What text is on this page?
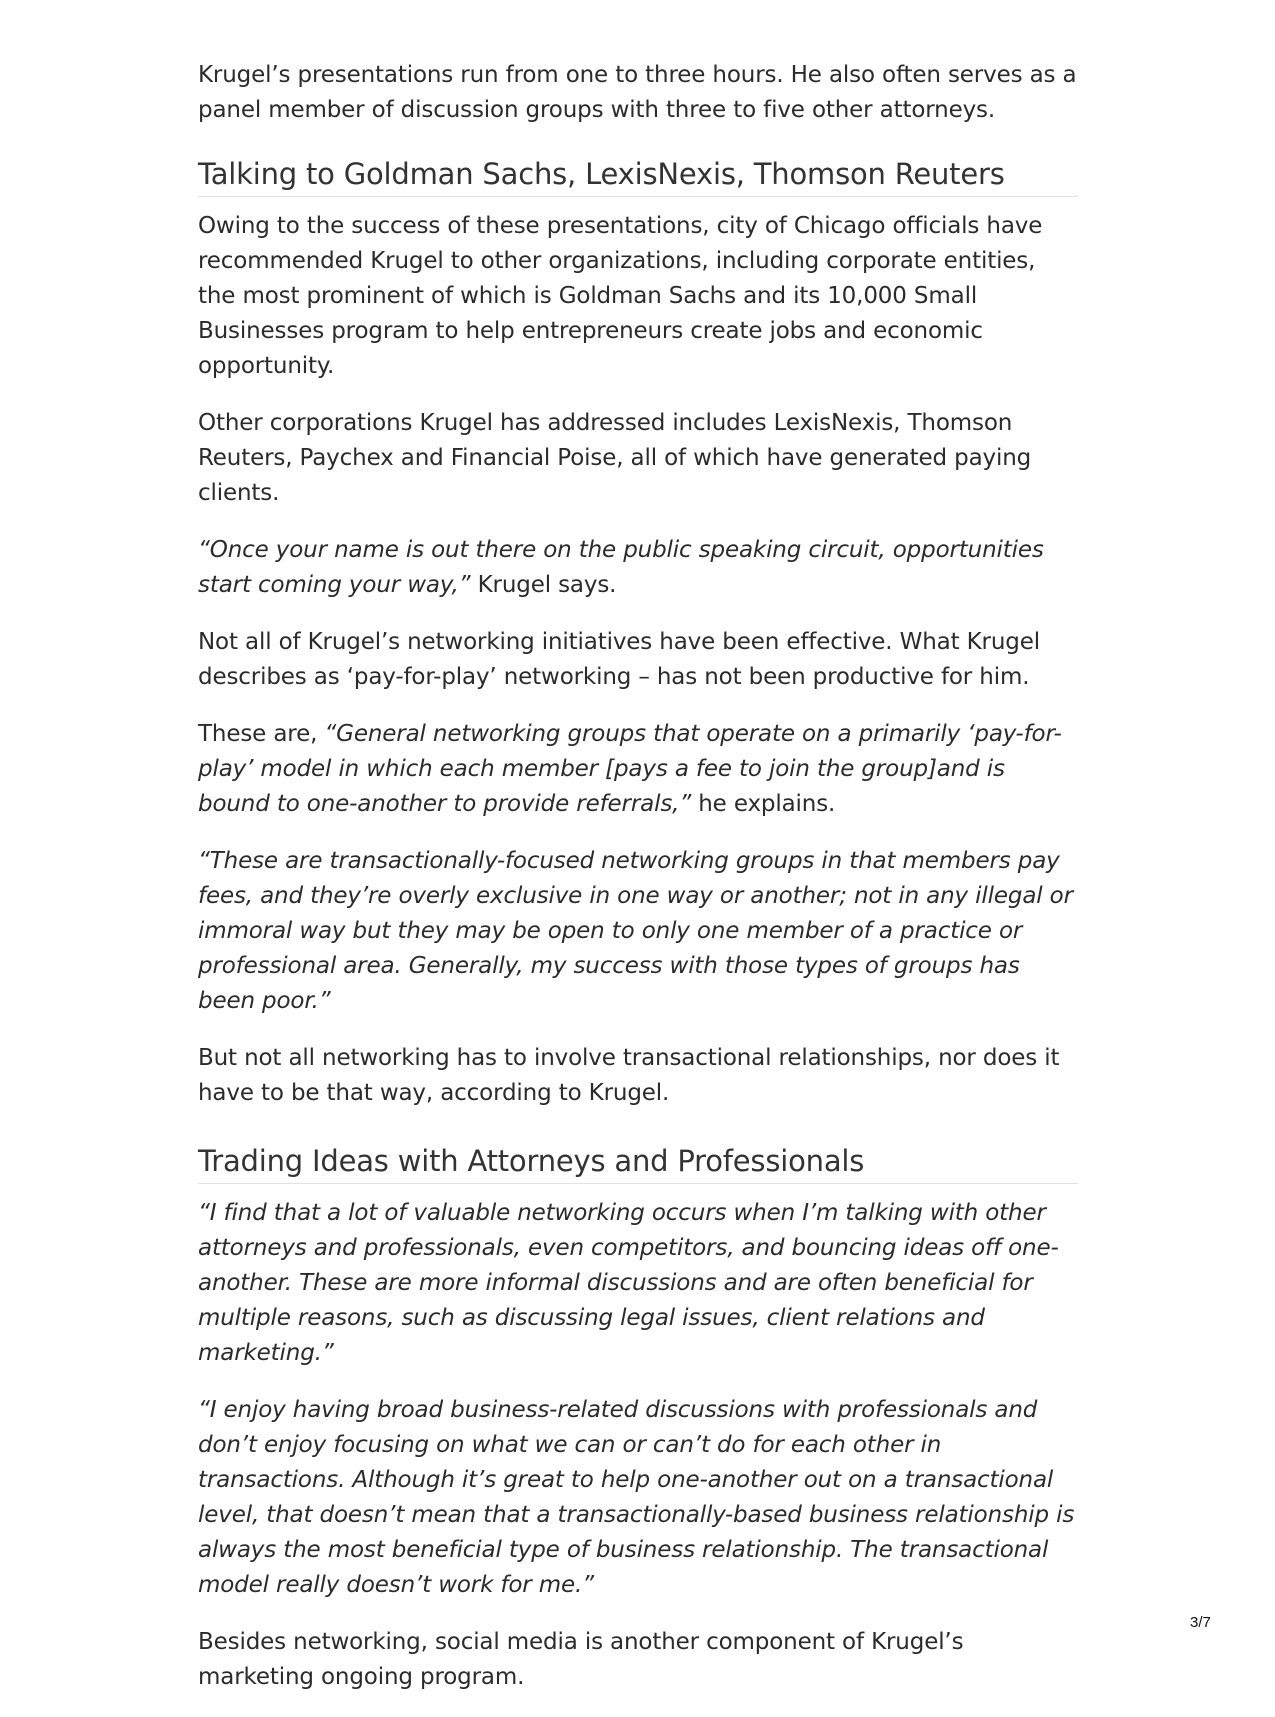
Krugel’s presentations run from one to three hours. He also often serves as a panel member of discussion groups with three to five other attorneys.

Talking to Goldman Sachs, LexisNexis, Thomson Reuters

Owing to the success of these presentations, city of Chicago officials have recommended Krugel to other organizations, including corporate entities, the most prominent of which is Goldman Sachs and its 10,000 Small Businesses program to help entrepreneurs create jobs and economic opportunity.

Other corporations Krugel has addressed includes LexisNexis, Thomson Reuters, Paychex and Financial Poise, all of which have generated paying clients.

“Once your name is out there on the public speaking circuit, opportunities start coming your way,” Krugel says.

Not all of Krugel’s networking initiatives have been effective. What Krugel describes as ‘pay-for-play’ networking – has not been productive for him.

These are, “General networking groups that operate on a primarily ‘pay-for-play’ model in which each member [pays a fee to join the group]and is bound to one-another to provide referrals,” he explains.

“These are transactionally-focused networking groups in that members pay fees, and they’re overly exclusive in one way or another; not in any illegal or immoral way but they may be open to only one member of a practice or professional area. Generally, my success with those types of groups has been poor.”

But not all networking has to involve transactional relationships, nor does it have to be that way, according to Krugel.

Trading Ideas with Attorneys and Professionals

“I find that a lot of valuable networking occurs when I’m talking with other attorneys and professionals, even competitors, and bouncing ideas off one-another. These are more informal discussions and are often beneficial for multiple reasons, such as discussing legal issues, client relations and marketing.”

“I enjoy having broad business-related discussions with professionals and don’t enjoy focusing on what we can or can’t do for each other in transactions. Although it’s great to help one-another out on a transactional level, that doesn’t mean that a transactionally-based business relationship is always the most beneficial type of business relationship. The transactional model really doesn’t work for me.”

Besides networking, social media is another component of Krugel’s marketing ongoing program.

3/7
